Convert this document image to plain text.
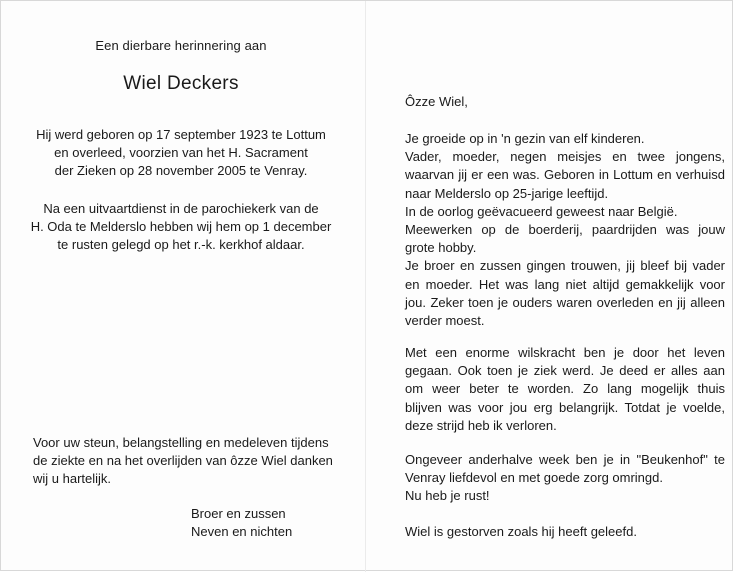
Een dierbare herinnering aan
Wiel Deckers
Hij werd geboren op 17 september 1923 te Lottum
en overleed, voorzien van het H. Sacrament
der Zieken op 28 november 2005 te Venray.
Na een uitvaartdienst in de parochiekerk van de
H. Oda te Melderslo hebben wij hem op 1 december
te rusten gelegd op het r.-k. kerkhof aldaar.
Voor uw steun, belangstelling en medeleven tijdens
de ziekte en na het overlijden van ôzze Wiel danken
wij u hartelijk.
Broer en zussen
Neven en nichten
Ôzze Wiel,
Je groeide op in 'n gezin van elf kinderen.
Vader, moeder, negen meisjes en twee jongens,
waarvan jij er een was. Geboren in Lottum en verhuisd
naar Melderslo op 25-jarige leeftijd.
In de oorlog geëvacueerd geweest naar België.
Meewerken op de boerderij, paardrijden was jouw
grote hobby.
Je broer en zussen gingen trouwen, jij bleef bij vader
en moeder. Het was lang niet altijd gemakkelijk voor
jou. Zeker toen je ouders waren overleden en jij alleen
verder moest.
Met een enorme wilskracht ben je door het leven
gegaan. Ook toen je ziek werd. Je deed er alles aan
om weer beter te worden. Zo lang mogelijk thuis
blijven was voor jou erg belangrijk. Totdat je voelde,
deze strijd heb ik verloren.
Ongeveer anderhalve week ben je in "Beukenhof" te
Venray liefdevol en met goede zorg omringd.
Nu heb je rust!
Wiel is gestorven zoals hij heeft geleefd.
